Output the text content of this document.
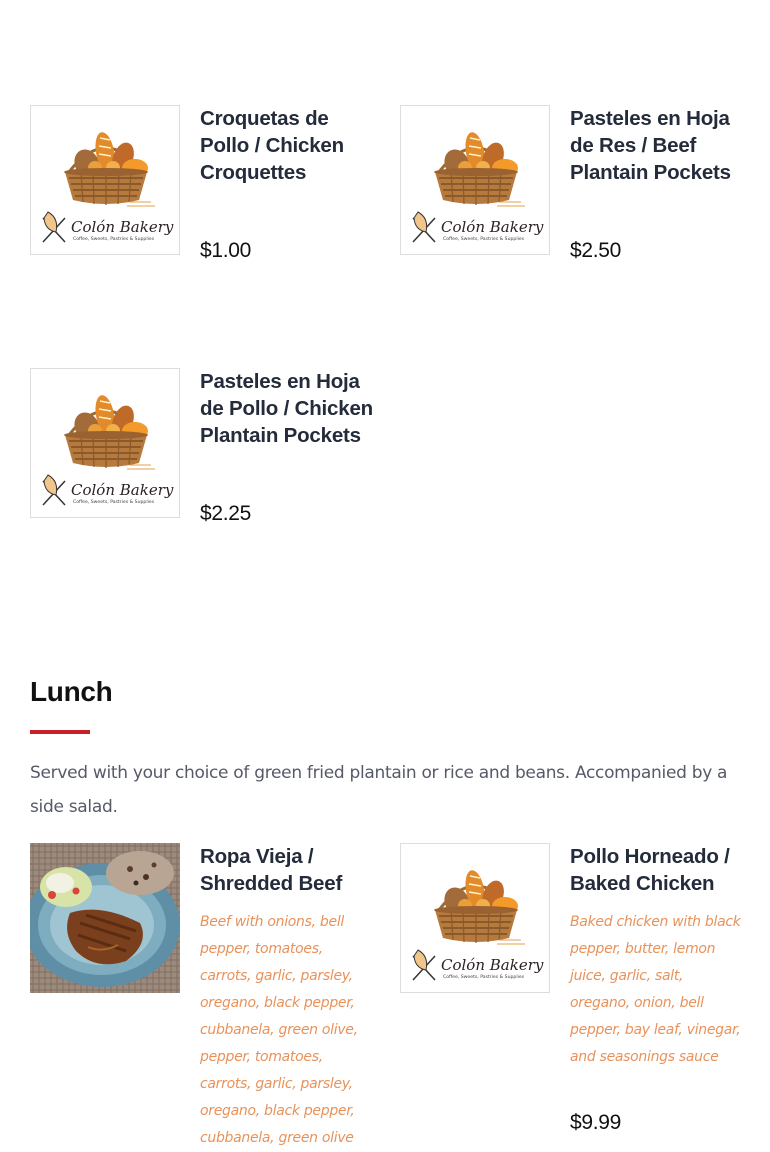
Colón Bakery
Coffee, Sweets, Pastries & Supplies
Croquetas de Pollo / Chicken Croquettes
$1.00
Colón Bakery
Coffee, Sweets, Pastries & Supplies
Pasteles en Hoja de Res / Beef Plantain Pockets
$2.50
Colón Bakery
Coffee, Sweets, Pastries & Supplies
Pasteles en Hoja de Pollo / Chicken Plantain Pockets
$2.25
Lunch

Served with your choice of green fried plantain or rice and beans. Accompanied by a side salad.

Ropa Vieja / Shredded Beef
Beef with onions, bell pepper, tomatoes, carrots, garlic, parsley, oregano, black pepper, cubbanela, green olive, pepper, tomatoes, carrots, garlic, parsley, oregano, black pepper, cubbanela, green olive
Colón Bakery
Coffee, Sweets, Pastries & Supplies
Pollo Horneado / Baked Chicken
Baked chicken with black pepper, butter, lemon juice, garlic, salt, oregano, onion, bell pepper, bay leaf, vinegar, and seasonings sauce
$9.99
